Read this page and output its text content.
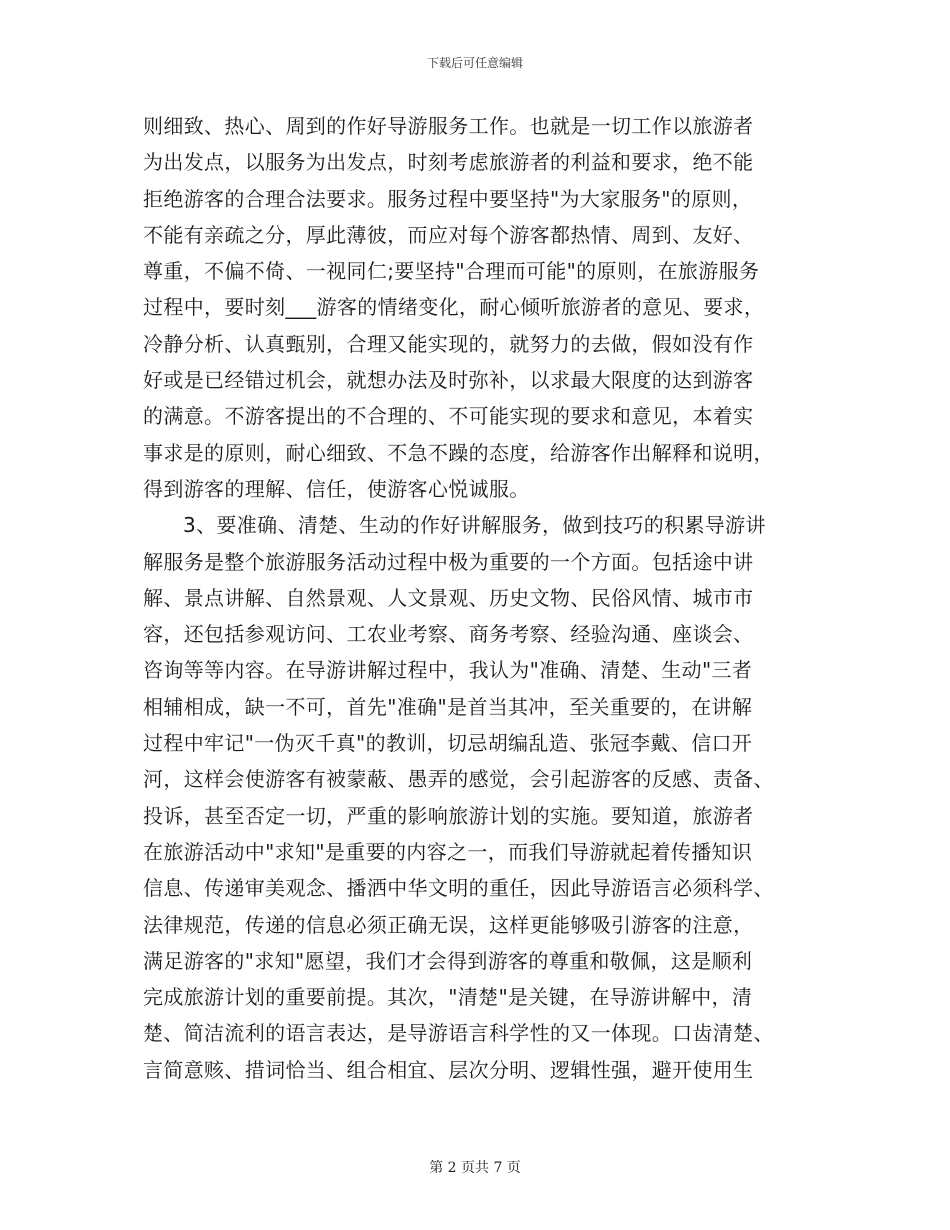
下载后可任意编辑
则细致、热心、周到的作好导游服务工作。也就是一切工作以旅游者
为出发点，以服务为出发点，时刻考虑旅游者的利益和要求，绝不能
拒绝游客的合理合法要求。服务过程中要坚持"为大家服务"的原则，
不能有亲疏之分，厚此薄彼，而应对每个游客都热情、周到、友好、
尊重，不偏不倚、一视同仁;要坚持"合理而可能"的原则，在旅游服务
过程中，要时刻___游客的情绪变化，耐心倾听旅游者的意见、要求，
冷静分析、认真甄别，合理又能实现的，就努力的去做，假如没有作
好或是已经错过机会，就想办法及时弥补，以求最大限度的达到游客
的满意。不游客提出的不合理的、不可能实现的要求和意见，本着实
事求是的原则，耐心细致、不急不躁的态度，给游客作出解释和说明，
得到游客的理解、信任，使游客心悦诚服。
3、要准确、清楚、生动的作好讲解服务，做到技巧的积累导游讲
解服务是整个旅游服务活动过程中极为重要的一个方面。包括途中讲
解、景点讲解、自然景观、人文景观、历史文物、民俗风情、城市市
容，还包括参观访问、工农业考察、商务考察、经验沟通、座谈会、
咨询等等内容。在导游讲解过程中，我认为"准确、清楚、生动"三者
相辅相成，缺一不可，首先"准确"是首当其冲，至关重要的，在讲解
过程中牢记"一伪灭千真"的教训，切忌胡编乱造、张冠李戴、信口开
河，这样会使游客有被蒙蔽、愚弄的感觉，会引起游客的反感、责备、
投诉，甚至否定一切，严重的影响旅游计划的实施。要知道，旅游者
在旅游活动中"求知"是重要的内容之一，而我们导游就起着传播知识
信息、传递审美观念、播洒中华文明的重任，因此导游语言必须科学、
法律规范，传递的信息必须正确无误，这样更能够吸引游客的注意，
满足游客的"求知"愿望，我们才会得到游客的尊重和敬佩，这是顺利
完成旅游计划的重要前提。其次，"清楚"是关键，在导游讲解中，清
楚、简洁流利的语言表达，是导游语言科学性的又一体现。口齿清楚、
言简意赅、措词恰当、组合相宜、层次分明、逻辑性强，避开使用生
第 2 页共 7 页
